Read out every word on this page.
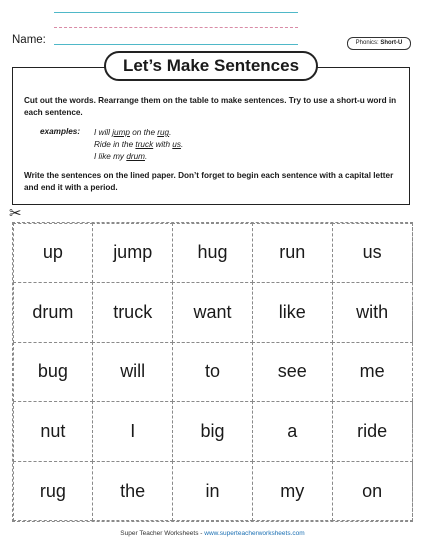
Name:	Phonics: Short-U
Let’s Make Sentences
Cut out the words. Rearrange them on the table to make sentences. Try to use a short-u word in each sentence.
examples: I will jump on the rug.
Ride in the truck with us.
I like my drum.
Write the sentences on the lined paper. Don’t forget to begin each sentence with a capital letter and end it with a period.
✂
up	jump	hug	run	us
drum	truck	want	like	with
bug	will	to	see	me
nut	I	big	a	ride
rug	the	in	my	on
Super Teacher Worksheets - www.superteacherworksheets.com
